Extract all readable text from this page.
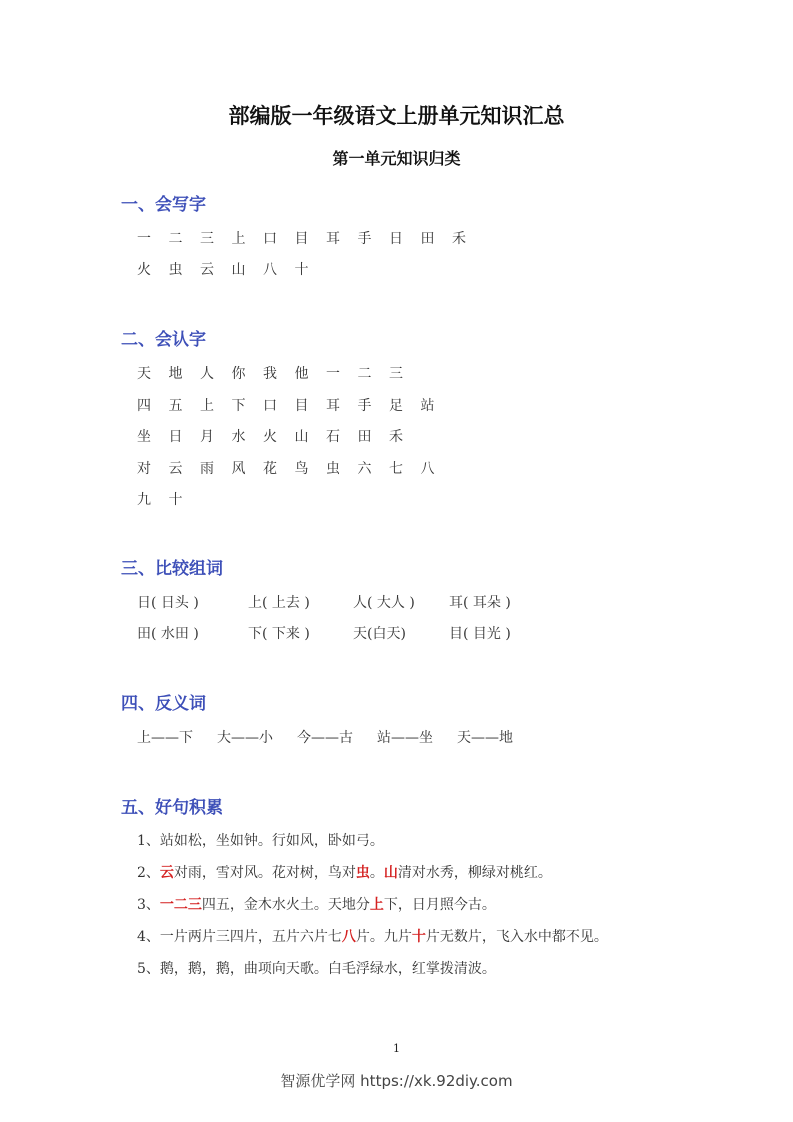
部编版一年级语文上册单元知识汇总
第一单元知识归类
一、会写字
一 二 三 上 口 目 耳 手 日 田 禾
火 虫 云 山 八 十
二、会认字
天 地 人 你 我 他 一 二 三
四 五 上 下 口 目 耳 手 足 站
坐 日 月 水 火 山 石 田 禾
对 云 雨 风 花 鸟 虫 六 七 八
九 十
三、比较组词
日( 日头 )	上( 上去 )	人( 大人 ) 耳( 耳朵 )
田( 水田 )	下( 下来 )	天(白天)	目( 目光 )
四、反义词
上——下 大——小 今——古 站——坐 天——地
五、好句积累
1、站如松，坐如钟。行如风，卧如弓。
2、云对雨，雪对风。花对树，鸟对虫。山清对水秀，柳绿对桃红。
3、一二三四五，金木水火土。天地分上下，日月照今古。
4、一片两片三四片，五片六片七八片。九片十片无数片，飞入水中都不见。
5、鹅，鹅，鹅，曲项向天歌。白毛浮绿水，红掌拨清波。
1
智源优学网 https://xk.92diy.com
